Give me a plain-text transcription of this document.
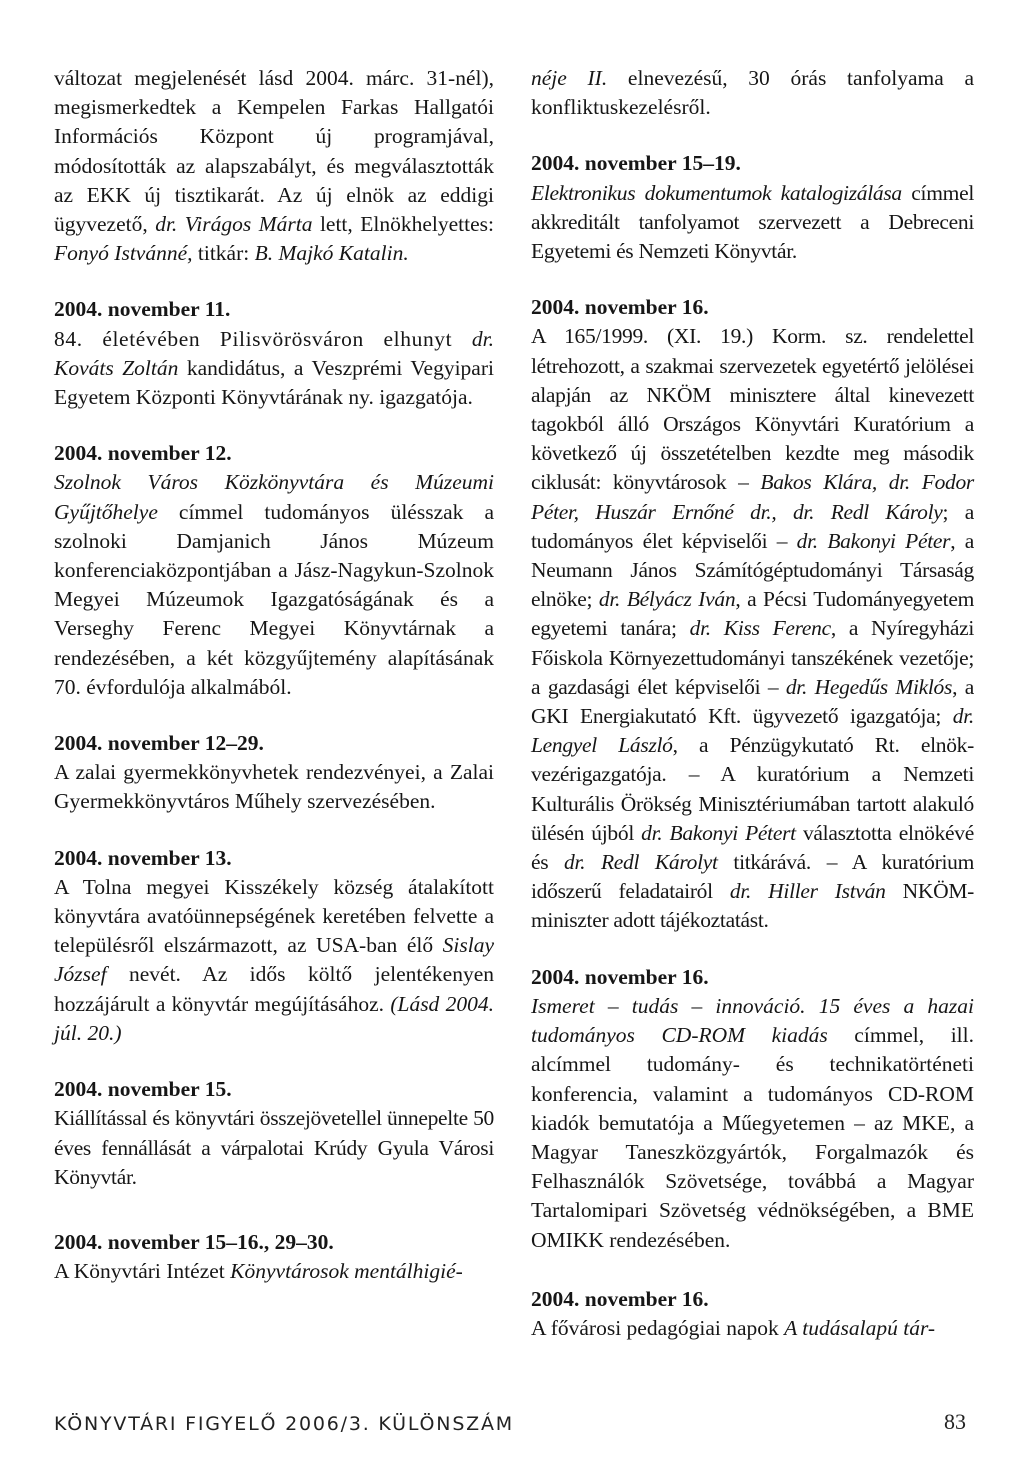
változat megjelenését lásd 2004. márc. 31-nél), megismerkedtek a Kempelen Farkas Hallgatói Információs Központ új programjával, módosították az alapszabályt, és megválasztották az EKK új tisztikarát. Az új elnök az eddigi ügyvezető, dr. Virágos Márta lett, Elnökhelyettes: Fonyó Istvánné, titkár: B. Majkó Katalin.

2004. november 11.

84. életévében Pilisvörösváron elhunyt dr. Kováts Zoltán kandidátus, a Veszprémi Vegyipari Egyetem Központi Könyvtárának ny. igazgatója.

2004. november 12.

Szolnok Város Közkönyvtára és Múzeumi Gyűjtőhelye címmel tudományos ülésszak a szolnoki Damjanich János Múzeum konferenciaközpontjában a Jász-Nagykun-Szolnok Megyei Múzeumok Igazgatóságának és a Verseghy Ferenc Megyei Könyvtárnak a rendezésében, a két közgyűjtemény alapításának 70. évfordulója alkalmából.

2004. november 12–29.

A zalai gyermekkönyvhetek rendezvényei, a Zalai Gyermekkönyvtáros Műhely szervezésében.

2004. november 13.

A Tolna megyei Kisszékely község átalakított könyvtára avatóünnepségének keretében felvette a településről elszármazott, az USA-ban élő Sislay József nevét. Az idős költő jelentékenyen hozzájárult a könyvtár megújításához. (Lásd 2004. júl. 20.)

2004. november 15.

Kiállítással és könyvtári összejövetellel ünnepelte 50 éves fennállását a várpalotai Krúdy Gyula Városi Könyvtár.

2004. november 15–16., 29–30.

A Könyvtári Intézet Könyvtárosok mentálhigié-

néje II. elnevezésű, 30 órás tanfolyama a konfliktuskezelésről.

2004. november 15–19.

Elektronikus dokumentumok katalogizálása címmel akkreditált tanfolyamot szervezett a Debreceni Egyetemi és Nemzeti Könyvtár.

2004. november 16.

A 165/1999. (XI. 19.) Korm. sz. rendelettel létrehozott, a szakmai szervezetek egyetértő jelölései alapján az NKÖM minisztere által kinevezett tagokból álló Országos Könyvtári Kuratórium a következő új összetételben kezdte meg második ciklusát: könyvtárosok – Bakos Klára, dr. Fodor Péter, Huszár Ernőné dr., dr. Redl Károly; a tudományos élet képviselői – dr. Bakonyi Péter, a Neumann János Számítógéptudományi Társaság elnöke; dr. Bélyácz Iván, a Pécsi Tudományegyetem egyetemi tanára; dr. Kiss Ferenc, a Nyíregyházi Főiskola Környezettudományi tanszékének vezetője; a gazdasági élet képviselői – dr. Hegedűs Miklós, a GKI Energiakutató Kft. ügyvezető igazgatója; dr. Lengyel László, a Pénzügykutató Rt. elnök-vezérigazgatója. – A kuratórium a Nemzeti Kulturális Örökség Minisztériumában tartott alakuló ülésén újból dr. Bakonyi Pétert választotta elnökévé és dr. Redl Károlyt titkárává. – A kuratórium időszerű feladatairól dr. Hiller István NKÖM-miniszter adott tájékoztatást.

2004. november 16.

Ismeret – tudás – innováció. 15 éves a hazai tudományos CD-ROM kiadás címmel, ill. alcímmel tudomány- és technikatörténeti konferencia, valamint a tudományos CD-ROM kiadók bemutatója a Műegyetemen – az MKE, a Magyar Taneszközgyártók, Forgalmazók és Felhasználók Szövetsége, továbbá a Magyar Tartalomipari Szövetség védnökségében, a BME OMIKK rendezésében.

2004. november 16.

A fővárosi pedagógiai napok A tudásalapú tár-

KÖNYVTÁRI FIGYELŐ 2006/3. KÜLÖNSZÁM	83
